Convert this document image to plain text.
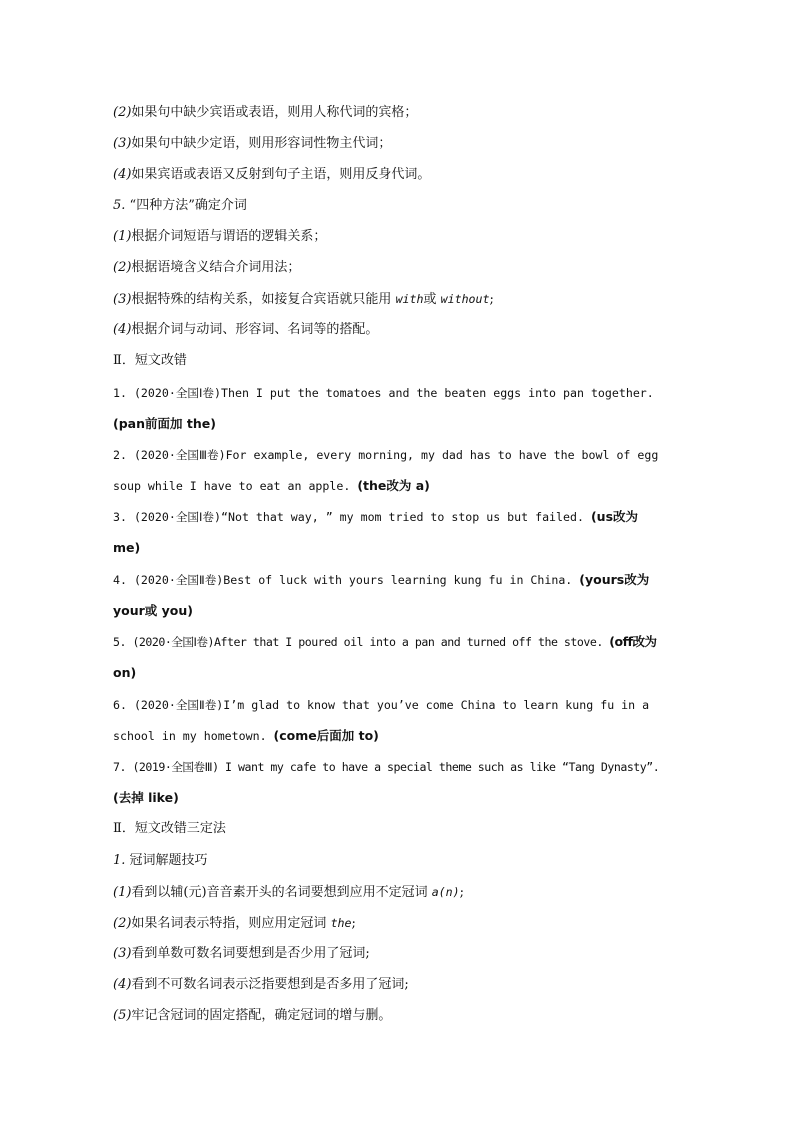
(2)如果句中缺少宾语或表语，则用人称代词的宾格；
(3)如果句中缺少定语，则用形容词性物主代词；
(4)如果宾语或表语又反射到句子主语，则用反身代词。
5. “四种方法”确定介词
(1)根据介词短语与谓语的逻辑关系；
(2)根据语境含义结合介词用法；
(3)根据特殊的结构关系，如接复合宾语就只能用 with或 without;
(4)根据介词与动词、形容词、名词等的搭配。
Ⅱ．短文改错
1. (2020·全国Ⅰ卷)Then I put the tomatoes and the beaten eggs into pan together.
(pan前面加 the)
2. (2020·全国Ⅲ卷)For example, every morning, my dad has to have the bowl of egg
soup while I have to eat an apple. (the改为 a)
3. (2020·全国Ⅰ卷)“Not that way, ” my mom tried to stop us but failed. (us改为
me)
4. (2020·全国Ⅱ卷)Best of luck with yours learning kung fu in China. (yours改为
your或 you)
5. (2020·全国Ⅰ卷)After that I poured oil into a pan and turned off the stove. (off改为
on)
6. (2020·全国Ⅱ卷)I’m glad to know that you’ve come China to learn kung fu in a
school in my hometown. (come后面加 to)
7. (2019·全国卷Ⅲ) I want my cafe to have a special theme such as like “Tang Dynasty”.
(去掉 like)
Ⅱ．短文改错三定法
1. 冠词解题技巧
(1)看到以辅(元)音音素开头的名词要想到应用不定冠词 a(n);
(2)如果名词表示特指，则应用定冠词 the;
(3)看到单数可数名词要想到是否少用了冠词;
(4)看到不可数名词表示泛指要想到是否多用了冠词;
(5)牢记含冠词的固定搭配，确定冠词的增与删。
